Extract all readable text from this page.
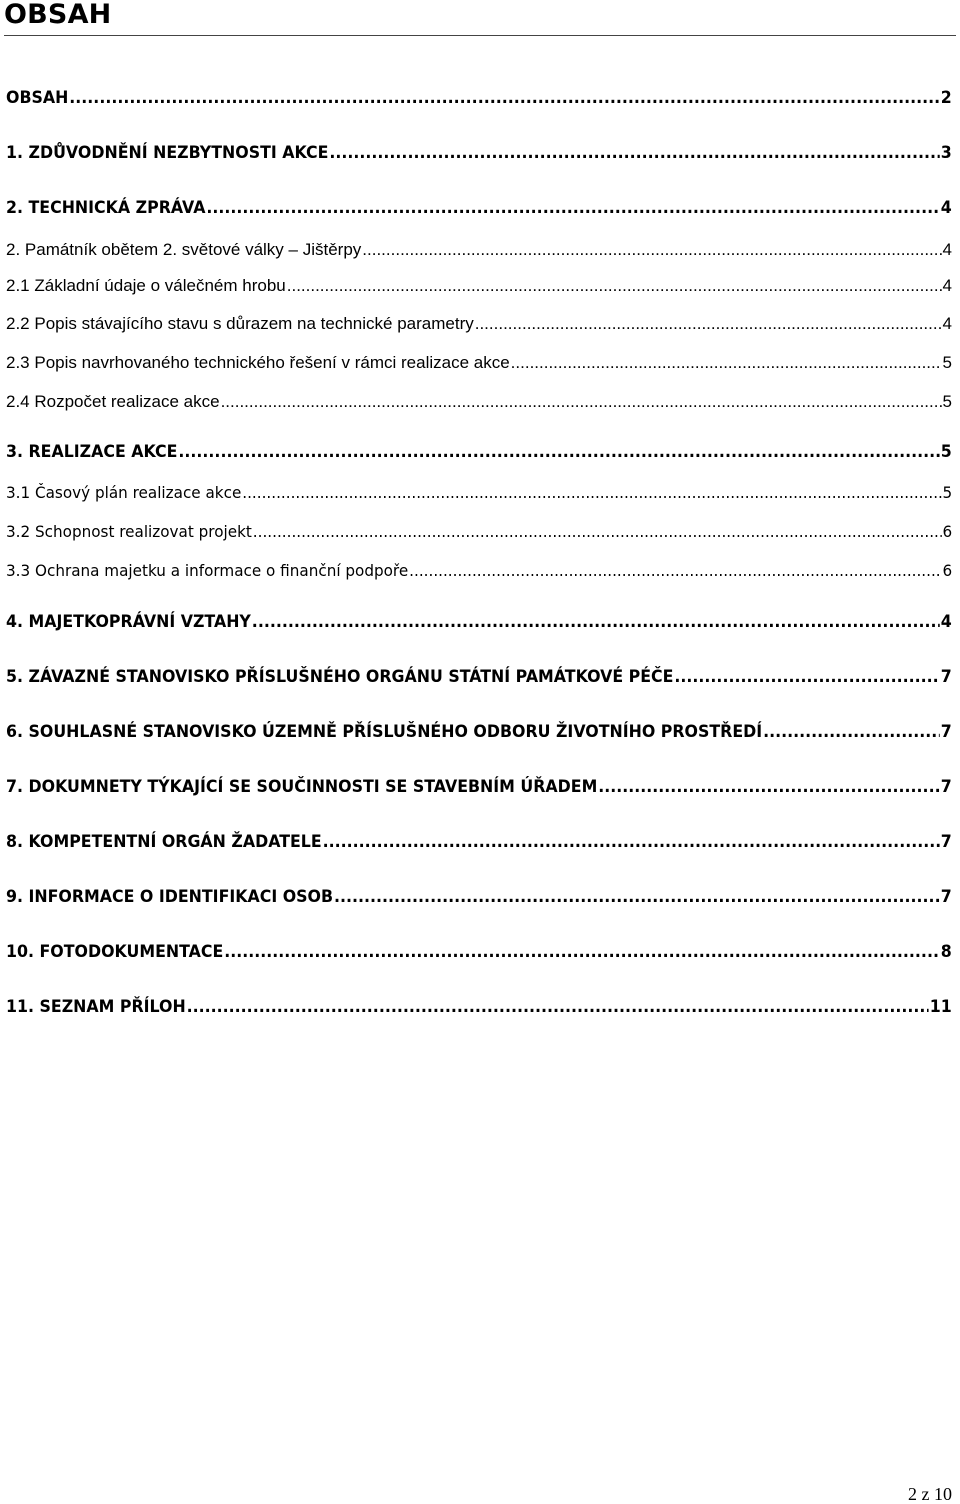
OBSAH
OBSAH .....	2
1. ZDŮVODNĚNÍ NEZBYTNOSTI AKCE .....	3
2. TECHNICKÁ ZPRÁVA .....	4
2. Památník obětem 2. světové války – Jištěrpy .....	4
2.1 Základní údaje o válečném hrobu .....	4
2.2 Popis stávajícího stavu s důrazem na technické parametry .....	4
2.3 Popis navrhovaného technického řešení v rámci realizace akce .....	5
2.4 Rozpočet realizace akce .....	5
3. REALIZACE AKCE .....	5
3.1 Časový plán realizace akce .....	5
3.2 Schopnost realizovat projekt .....	6
3.3 Ochrana majetku a informace o finanční podpoře .....	6
4. MAJETKOPRÁVNÍ VZTAHY .....	4
5. ZÁVAZNÉ STANOVISKO PŘÍSLUŠNÉHO ORGÁNU STÁTNÍ PAMÁTKOVÉ PÉČE .....	7
6. SOUHLASNÉ STANOVISKO ÚZEMNĚ PŘÍSLUŠNÉHO ODBORU ŽIVOTNÍHO PROSTŘEDÍ .....	7
7. DOKUMNETY TÝKAJÍCÍ SE SOUČINNOSTI SE STAVEBNÍM ÚŘADEM .....	7
8. KOMPETENTNÍ ORGÁN ŽADATELE .....	7
9. INFORMACE O IDENTIFIKACI OSOB .....	7
10. FOTODOKUMENTACE .....	8
11. SEZNAM PŘÍLOH .....	11
2 z 10
